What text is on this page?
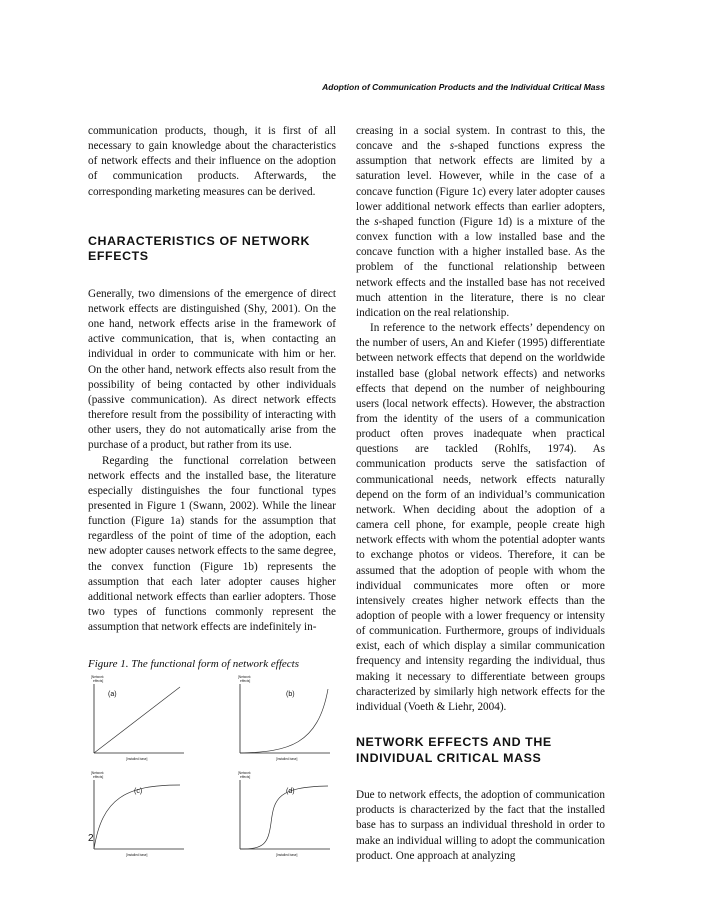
Adoption of Communication Products and the Individual Critical Mass

communication products, though, it is first of all necessary to gain knowledge about the characteristics of network effects and their influence on the adoption of communication products. Afterwards, the corresponding marketing measures can be derived.

CHARACTERISTICS OF NETWORK EFFECTS

Generally, two dimensions of the emergence of direct network effects are distinguished (Shy, 2001). On the one hand, network effects arise in the framework of active communication, that is, when contacting an individual in order to communicate with him or her. On the other hand, network effects also result from the possibility of being contacted by other individuals (passive communication). As direct network effects therefore result from the possibility of interacting with other users, they do not automatically arise from the purchase of a product, but rather from its use.

Regarding the functional correlation between network effects and the installed base, the literature especially distinguishes the four functional types presented in Figure 1 (Swann, 2002). While the linear function (Figure 1a) stands for the assumption that regardless of the point of time of the adoption, each new adopter causes network effects to the same degree, the convex function (Figure 1b) represents the assumption that each later adopter causes higher additional network effects than earlier adopters. Those two types of functions commonly represent the assumption that network effects are indefinitely in-

Figure 1. The functional form of network effects
[Network
effects]
(a)
[Installed base]
[Network
effects]
(b)
[Installed base]
[Network
effects]
(c)
[Installed base]
[Network
effects]
(d)
[Installed base]

creasing in a social system. In contrast to this, the concave and the s-shaped functions express the assumption that network effects are limited by a saturation level. However, while in the case of a concave function (Figure 1c) every later adopter causes lower additional network effects than earlier adopters, the s-shaped function (Figure 1d) is a mixture of the convex function with a low installed base and the concave function with a higher installed base. As the problem of the functional relationship between network effects and the installed base has not received much attention in the literature, there is no clear indication on the real relationship.

In reference to the network effects’ dependency on the number of users, An and Kiefer (1995) differentiate between network effects that depend on the worldwide installed base (global network effects) and networks effects that depend on the number of neighbouring users (local network effects). However, the abstraction from the identity of the users of a communication product often proves inadequate when practical questions are tackled (Rohlfs, 1974). As communication products serve the satisfaction of communicational needs, network effects naturally depend on the form of an individual’s communication network. When deciding about the adoption of a camera cell phone, for example, people create high network effects with whom the potential adopter wants to exchange photos or videos. Therefore, it can be assumed that the adoption of people with whom the individual communicates more often or more intensively creates higher network effects than the adoption of people with a lower frequency or intensity of communication. Furthermore, groups of individuals exist, each of which display a similar communication frequency and intensity regarding the individual, thus making it necessary to differentiate between groups characterized by similarly high network effects for the individual (Voeth & Liehr, 2004).

NETWORK EFFECTS AND THE INDIVIDUAL CRITICAL MASS

Due to network effects, the adoption of communication products is characterized by the fact that the installed base has to surpass an individual threshold in order to make an individual willing to adopt the communication product. One approach at analyzing

2
